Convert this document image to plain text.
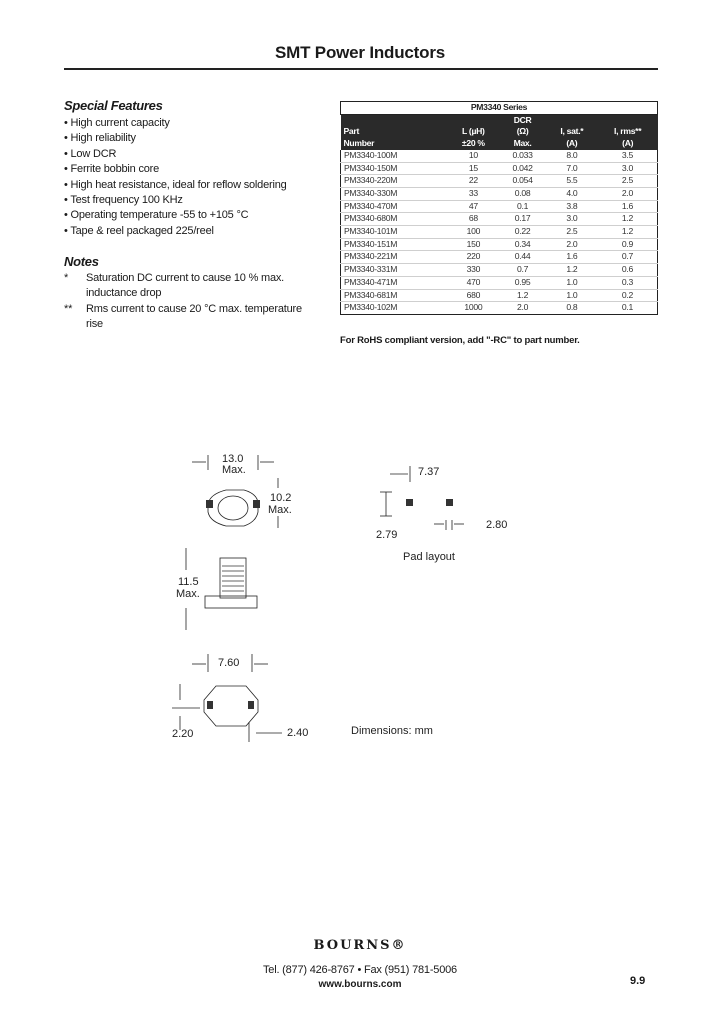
SMT Power Inductors
Special Features
• High current capacity
• High reliability
• Low DCR
• Ferrite bobbin core
• High heat resistance, ideal for reflow soldering
• Test frequency 100 KHz
• Operating temperature -55 to +105 °C
• Tape & reel packaged 225/reel
Notes
* Saturation DC current to cause 10 % max. inductance drop
** Rms current to cause 20 °C max. temperature rise
PM3340 Series				
		DCR		
Part	L (µH)	(Ω)	I, sat.*	I, rms**
Number	±20 %	Max.	(A)	(A)
PM3340-100M	10	0.033	8.0	3.5
PM3340-150M	15	0.042	7.0	3.0
PM3340-220M	22	0.054	5.5	2.5
PM3340-330M	33	0.08	4.0	2.0
PM3340-470M	47	0.1	3.8	1.6
PM3340-680M	68	0.17	3.0	1.2
PM3340-101M	100	0.22	2.5	1.2
PM3340-151M	150	0.34	2.0	0.9
PM3340-221M	220	0.44	1.6	0.7
PM3340-331M	330	0.7	1.2	0.6
PM3340-471M	470	0.95	1.0	0.3
PM3340-681M	680	1.2	1.0	0.2
PM3340-102M	1000	2.0	0.8	0.1
For RoHS compliant version, add "-RC" to part number.
13.0
Max.
10.2
Max.
11.5
Max.
7.60
2.20	2.40
7.37
2.79
2.80
Pad layout
Dimensions: mm
BOURNS®
Tel. (877) 426-8767 • Fax (951) 781-5006
www.bourns.com	9.9
